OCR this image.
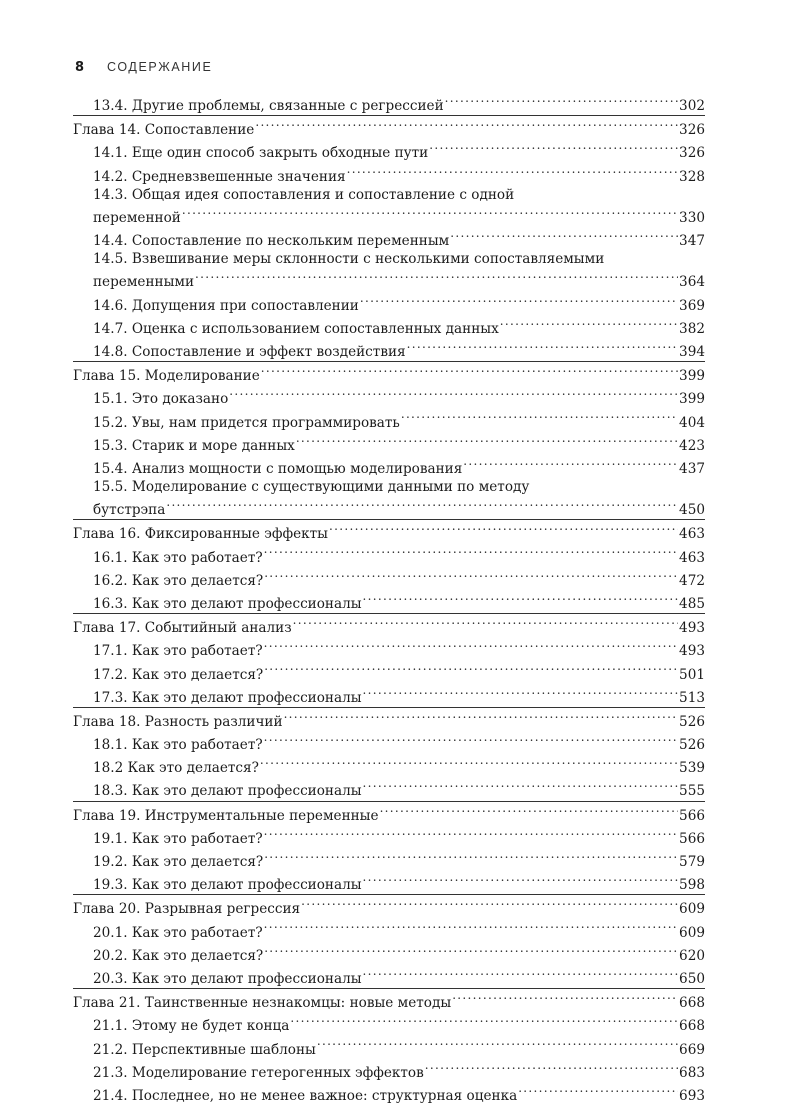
8	СОДЕРЖАНИЕ
13.4. Другие проблемы, связанные с регрессией .....	302
Глава 14. Сопоставление .....	326
14.1. Еще один способ закрыть обходные пути .....	326
14.2. Средневзвешенные значения .....	328
14.3. Общая идея сопоставления и сопоставление с одной
переменной .....	330
14.4. Сопоставление по нескольким переменным .....	347
14.5. Взвешивание меры склонности с несколькими сопоставляемыми
переменными .....	364
14.6. Допущения при сопоставлении .....	369
14.7. Оценка с использованием сопоставленных данных .....	382
14.8. Сопоставление и эффект воздействия .....	394
Глава 15. Моделирование .....	399
15.1. Это доказано .....	399
15.2. Увы, нам придется программировать .....	404
15.3. Старик и море данных .....	423
15.4. Анализ мощности с помощью моделирования .....	437
15.5. Моделирование с существующими данными по методу
бутстрэпа .....	450
Глава 16. Фиксированные эффекты .....	463
16.1. Как это работает? .....	463
16.2. Как это делается? .....	472
16.3. Как это делают профессионалы .....	485
Глава 17. Событийный анализ .....	493
17.1. Как это работает? .....	493
17.2. Как это делается? .....	501
17.3. Как это делают профессионалы .....	513
Глава 18. Разность различий .....	526
18.1. Как это работает? .....	526
18.2 Как это делается? .....	539
18.3. Как это делают профессионалы .....	555
Глава 19. Инструментальные переменные .....	566
19.1. Как это работает? .....	566
19.2. Как это делается? .....	579
19.3. Как это делают профессионалы .....	598
Глава 20. Разрывная регрессия .....	609
20.1. Как это работает? .....	609
20.2. Как это делается? .....	620
20.3. Как это делают профессионалы .....	650
Глава 21. Таинственные незнакомцы: новые методы .....	668
21.1. Этому не будет конца .....	668
21.2. Перспективные шаблоны .....	669
21.3. Моделирование гетерогенных эффектов .....	683
21.4. Последнее, но не менее важное: структурная оценка .....	693
